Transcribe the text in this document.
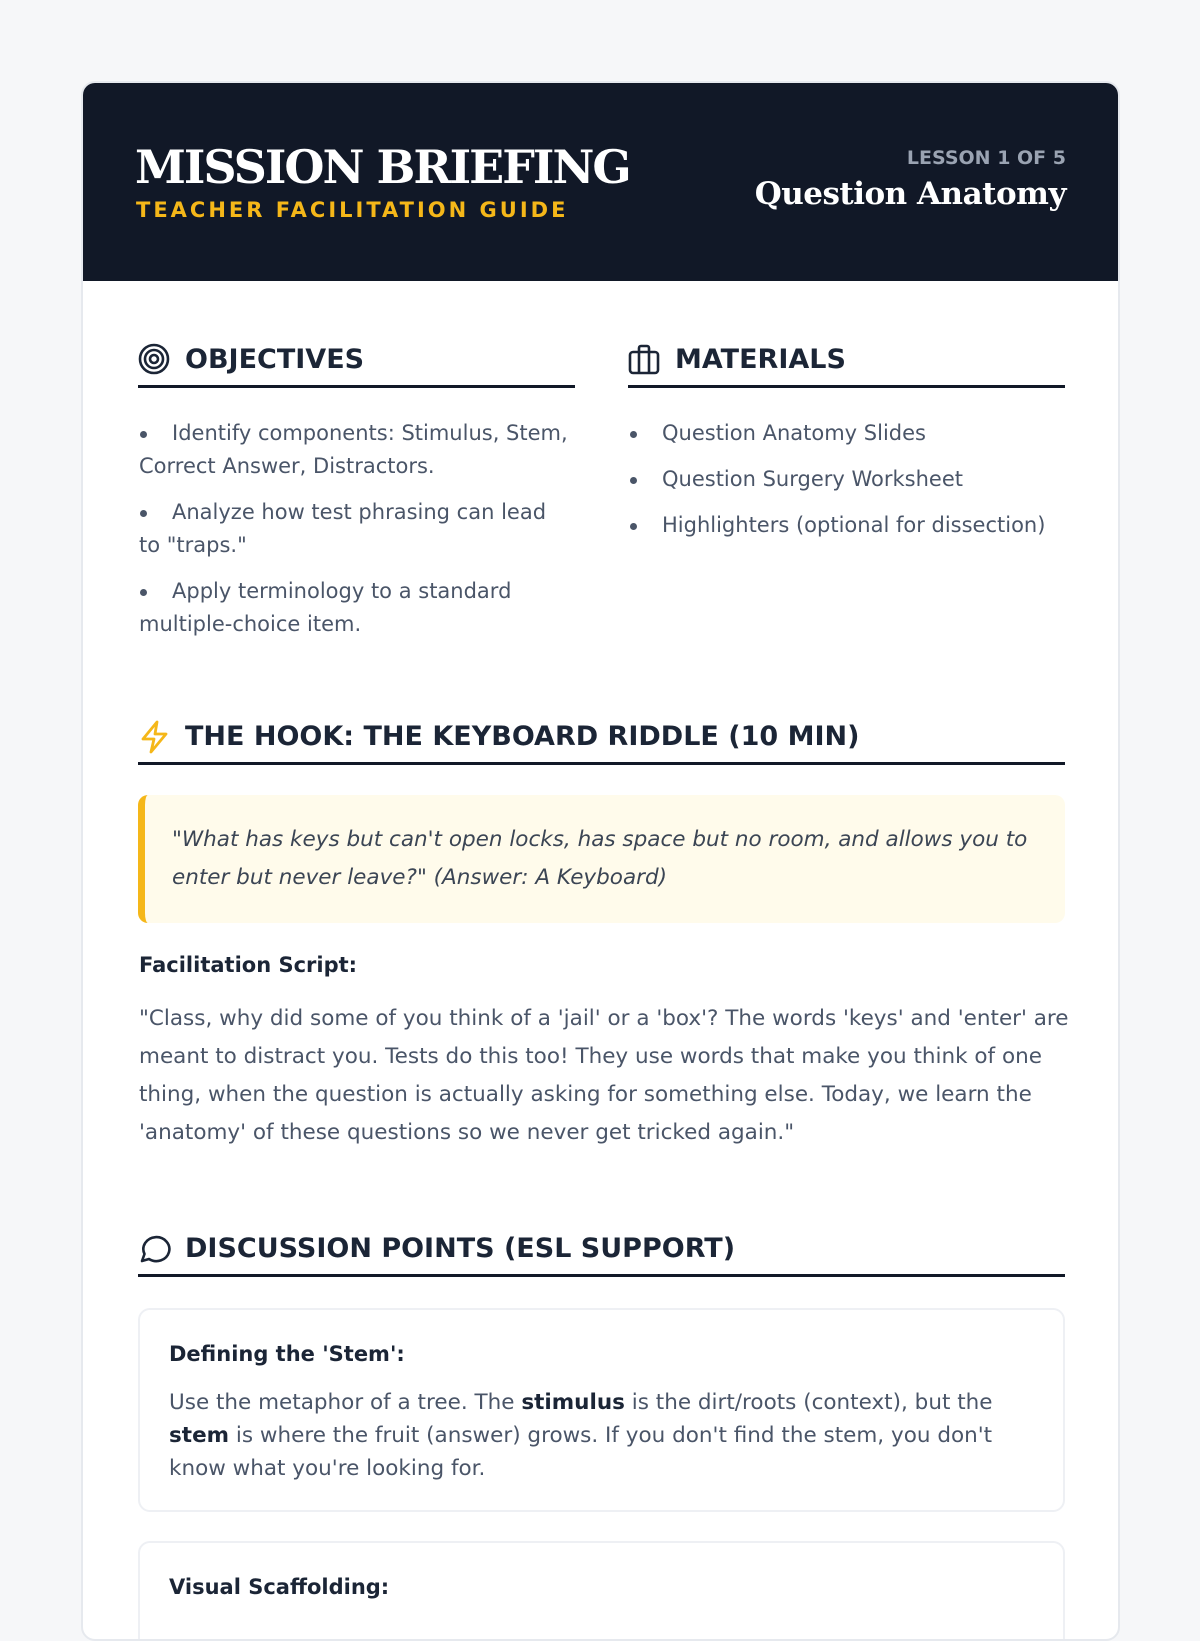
MISSION BRIEFING
TEACHER FACILITATION GUIDE
LESSON 1 OF 5
Question Anatomy
OBJECTIVES
Identify components: Stimulus, Stem, Correct Answer, Distractors.
Analyze how test phrasing can lead to "traps."
Apply terminology to a standard multiple-choice item.
MATERIALS
Question Anatomy Slides
Question Surgery Worksheet
Highlighters (optional for dissection)
THE HOOK: THE KEYBOARD RIDDLE (10 MIN)
"What has keys but can't open locks, has space but no room, and allows you to enter but never leave?" (Answer: A Keyboard)
Facilitation Script:
"Class, why did some of you think of a 'jail' or a 'box'? The words 'keys' and 'enter' are meant to distract you. Tests do this too! They use words that make you think of one thing, when the question is actually asking for something else. Today, we learn the 'anatomy' of these questions so we never get tricked again."
DISCUSSION POINTS (ESL SUPPORT)
Defining the 'Stem':
Use the metaphor of a tree. The stimulus is the dirt/roots (context), but the stem is where the fruit (answer) grows. If you don't find the stem, you don't know what you're looking for.
Visual Scaffolding:
